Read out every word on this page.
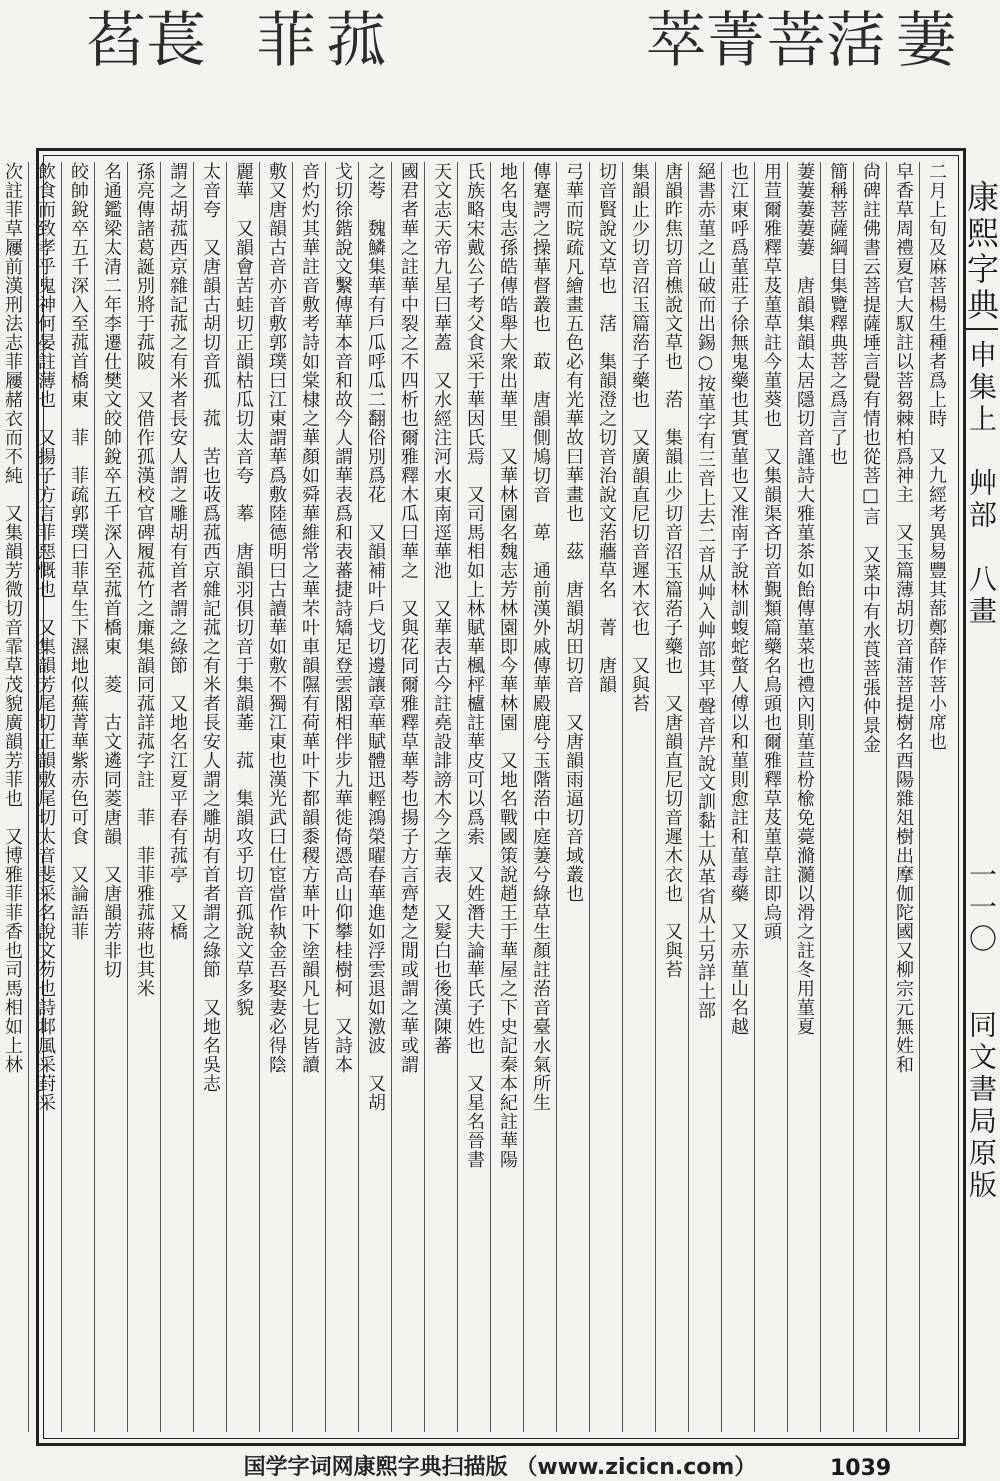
萏
萇 菲 菰	萃
菁
菩
萿 萋
二月上旬及麻菩楊生種者爲上時　又九經考異易豐其蔀鄭薛作菩小席也
皁香草周禮夏官大馭註以菩芻棘柏爲神主　又玉篇薄胡切音蒲菩提樹名酉陽雜俎樹出摩伽陀國又柳宗元無姓和
尙碑註佛書云菩提薩埵言覺有情也從菩□言　又菜中有水莨菩張仲景金
簡稱菩薩綱目集覽釋典菩之爲言了也
萋萋萋萋萋　唐韻集韻太居隱切音謹詩大雅菫茶如飴傳菫菜也禮內則菫荁枌楡免薧滫瀡以滑之註冬用菫夏
用荁爾雅釋草芨菫草註今菫葵也　又集韻渠吝切音覲類篇藥名鳥頭也爾雅釋草芨菫草註即烏頭
也江東呼爲菫莊子徐無鬼藥也其實菫也又淮南子說林訓蝮蛇螫人傅以和菫則愈註和菫毒藥　又赤菫山名越
絕書赤菫之山破而出錫○按菫字有三音上去二音从艸入艸部其平聲音芹說文訓黏土从革省从土另詳土部
唐韻昨焦切音樵說文草也　菭　集韻止少切音沼玉篇菭子藥也　又唐韻直尼切音遲木衣也　又與苔
集韻止少切音沼玉篇菭子藥也　又廣韻直尼切音遲木衣也　又與苔
切音賢說文草也　萿　集韻澄之切音治說文菭蘠草名　菁　唐韻
弓華而晥疏凡繪畫五色必有光華故曰華畫也　茲　唐韻胡田切音　又唐韻雨逼切音域叢也
傳蹇諤之操華督叢也　菆　唐韻側鳩切音　萆　通前漢外戚傳華殿鹿兮玉階菭中庭萋兮綠草生顏註菭音臺水氣所生
地名曳志孫皓傳皓舉大衆出華里　又華林園名魏志芳林園即今華林園　又地名戰國策說趙王于華屋之下史記秦本紀註華陽
氏族略宋戴公子考父食采于華因氏焉　又司馬相如上林賦華楓枰櫨註華皮可以爲索　又姓潛夫論華氏子姓也　又星名晉書
天文志天帝九星曰華蓋　又水經注河水東南逕華池　又華表古今註堯設誹謗木今之華表　又髮白也後漢陳蕃
國君者華之註華中裂之不四析也爾雅釋木瓜曰華之　又與花同爾雅釋草華荂也揚子方言齊楚之閒或謂之華或謂
之荂　魏鱗集華有戶瓜呼瓜二翻俗別爲花　又韻補叶戶戈切邊讓章華賦體迅輕鴻榮曜春華進如浮雲退如激波　又胡
戈切徐鍇說文繫傳華本音和故今人謂華表爲和表蕃捷詩矯足登雲閣相伴步九華徙倚憑高山仰攀桂樹柯　又詩本
音灼灼其華註音敷考詩如棠棣之華顏如舜華維常之華芣叶車韻隰有荷華叶下都韻黍稷方華叶下塗韻凡七見皆讀
敷又唐韻古音亦音敷郭璞曰江東謂華爲敷陸德明曰古讀華如敷不獨江東也漢光武曰仕宦當作執金吾娶妻必得陰
麗華　又韻會苦蛙切正韻枯瓜切太音夸　菶　唐韻羽俱切音于集韻菙　菰　集韻攻乎切音孤說文草多貌
太音夸　又唐韻古胡切音孤　菰　苦也荍爲菰西京雜記菰之有米者長安人謂之雕胡有首者謂之綠節　又地名吳志
謂之胡菰西京雜記菰之有米者長安人謂之雕胡有首者謂之綠節　又地名江夏平春有菰亭　又橋
孫亮傳諸葛誕別將于菰陂　又借作孤漢校官碑履菰竹之廉集韻同菰詳菰字註　菲　菲菲雅菰蔣也其米
名通鑑梁太清二年李遷仕樊文皎帥銳卒五千深入至菰首橋東　菱　古文遴同菱唐韻　又唐韻芳非切
皎帥銳卒五千深入至菰首橋東　菲　菲疏郭璞曰菲草生下濕地似蕪菁華紫赤色可食　又論語菲
飲食而致孝乎鬼神何晏註薄也　又揚子方言菲惡慨也　又集韻芳尾切正韻敷尾切太音斐采名說文芴也詩邶風采葑采
次註菲草屨前漢刑法志菲屨赭衣而不純　又集韻芳微切音霏草茂貌廣韻芳菲也　又博雅菲菲香也司馬相如上林	康熙字典
申集上　艸部　八畫
一一〇
同文書局原版
国学字词网康熙字典扫描版 （www.zicicn.com）	1039
